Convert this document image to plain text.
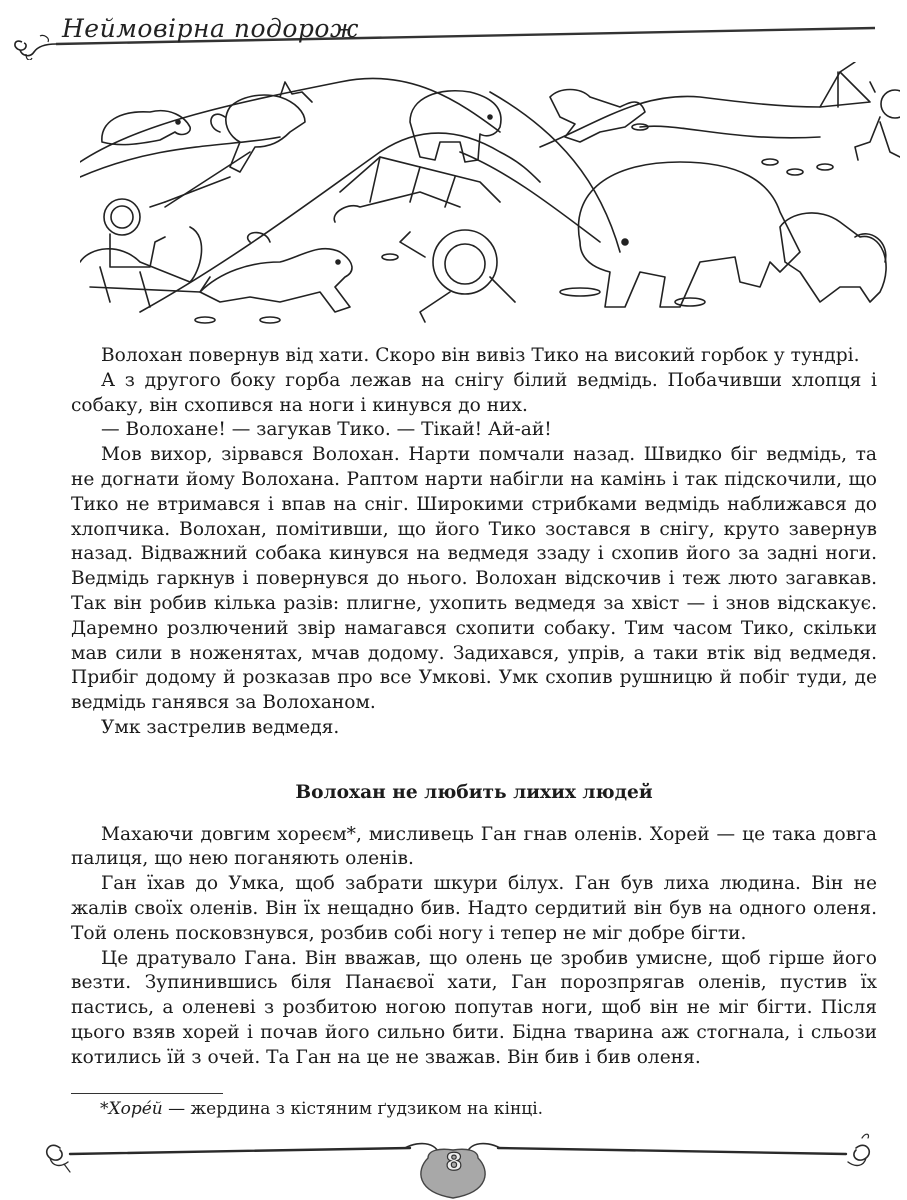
Неймовірна подорож

Волохан повернув від хати. Скоро він вивіз Тико на високий горбок у тундрі.

А з другого боку горба лежав на снігу білий ведмідь. Побачивши хлопця і собаку, він схопився на ноги і кинувся до них.

— Волохане! — загукав Тико. — Тікай! Ай-ай!

Мов вихор, зірвався Волохан. Нарти помчали назад. Швидко біг ведмідь, та не догнати йому Волохана. Раптом нарти набігли на камінь і так підскочили, що Тико не втримався і впав на сніг. Широкими стрибками ведмідь наближався до хлопчика. Волохан, помітивши, що його Тико зостався в снігу, круто завернув назад. Відважний собака кинувся на ведмедя ззаду і схопив його за задні ноги. Ведмідь гаркнув і повернувся до нього. Волохан відскочив і теж люто загавкав. Так він робив кілька разів: плигне, ухопить ведмедя за хвіст — і знов відскакує. Даремно розлючений звір намагався схопити собаку. Тим часом Тико, скільки мав сили в ноженятах, мчав додому. Задихався, упрів, а таки втік від ведмедя. Прибіг додому й розказав про все Умкові. Умк схопив рушницю й побіг туди, де ведмідь ганявся за Волоханом.

Умк застрелив ведмедя.

Волохан не любить лихих людей

Махаючи довгим хореєм*, мисливець Ган гнав оленів. Хорей — це така довга палиця, що нею поганяють оленів.

Ган їхав до Умка, щоб забрати шкури білух. Ган був лиха людина. Він не жалів своїх оленів. Він їх нещадно бив. Надто сердитий він був на одного оленя. Той олень посковзнувся, розбив собі ногу і тепер не міг добре бігти.

Це дратувало Гана. Він вважав, що олень це зробив умисне, щоб гірше його везти. Зупинившись біля Панаєвої хати, Ган порозпрягав оленів, пустив їх пастись, а оленеві з розбитою ногою попутав ноги, щоб він не міг бігти. Після цього взяв хорей і почав його сильно бити. Бідна тварина аж стогнала, і сльози котились їй з очей. Та Ган на це не зважав. Він бив і бив оленя.

*Хоре́й — жердина з кістяним ґудзиком на кінці.
8
